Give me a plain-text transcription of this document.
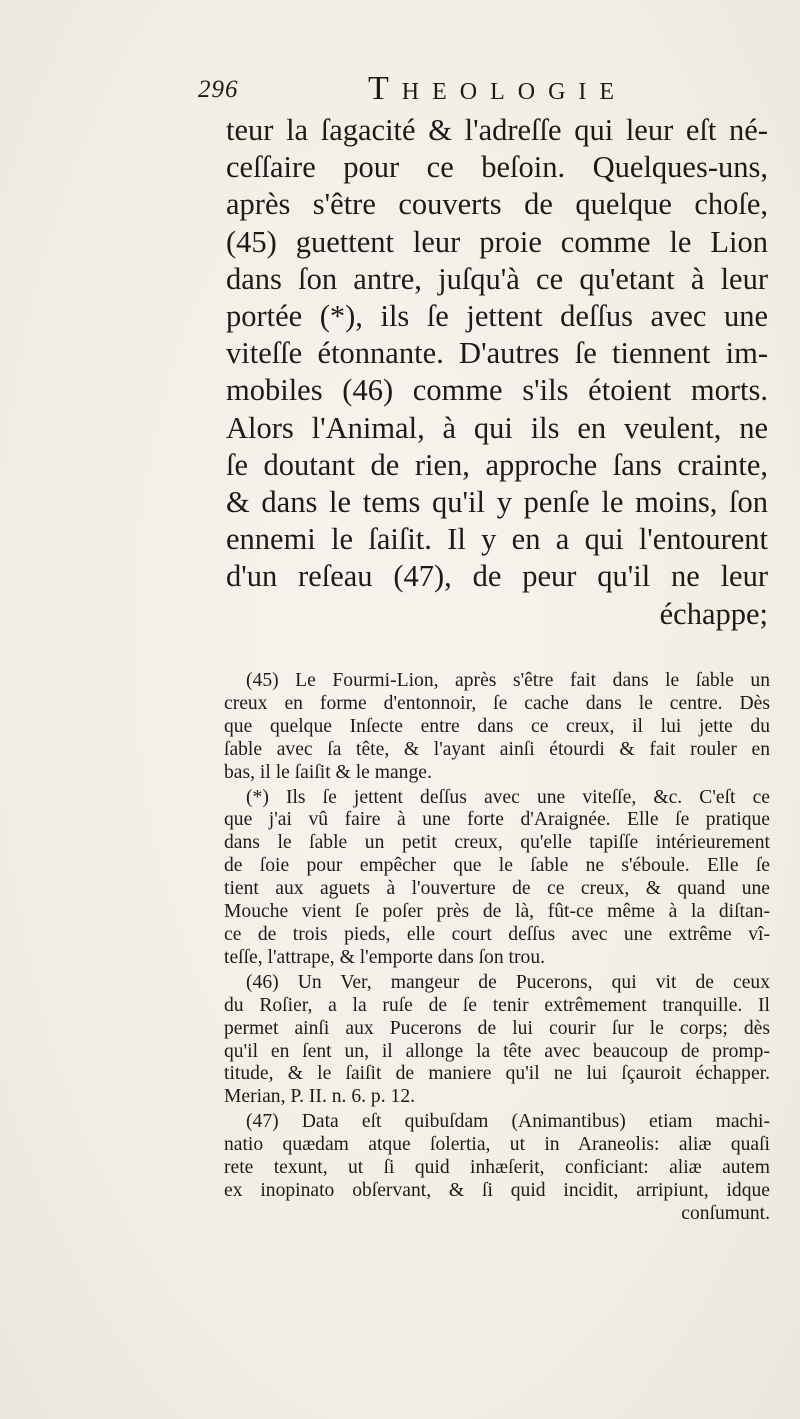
296	Theologie
teur la ſagacité & l'adreſſe qui leur eſt né-
ceſſaire pour ce beſoin. Quelques-uns,
après s'être couverts de quelque choſe,
(45) guettent leur proie comme le Lion
dans ſon antre, juſqu'à ce qu'etant à leur
portée (*), ils ſe jettent deſſus avec une
viteſſe étonnante. D'autres ſe tiennent im-
mobiles (46) comme s'ils étoient morts.
Alors l'Animal, à qui ils en veulent, ne
ſe doutant de rien, approche ſans crainte,
& dans le tems qu'il y penſe le moins, ſon
ennemi le ſaiſit. Il y en a qui l'entourent
d'un reſeau (47), de peur qu'il ne leur
échappe;
(45) Le Fourmi-Lion, après s'être fait dans le ſable un
creux en forme d'entonnoir, ſe cache dans le centre. Dès
que quelque Inſecte entre dans ce creux, il lui jette du
ſable avec ſa tête, & l'ayant ainſi étourdi & fait rouler en
bas, il le ſaiſit & le mange.
(*) Ils ſe jettent deſſus avec une viteſſe, &c. C'eſt ce
que j'ai vû faire à une forte d'Araignée. Elle ſe pratique
dans le ſable un petit creux, qu'elle tapiſſe intérieurement
de ſoie pour empêcher que le ſable ne s'éboule. Elle ſe
tient aux aguets à l'ouverture de ce creux, & quand une
Mouche vient ſe poſer près de là, fût-ce même à la diſtan-
ce de trois pieds, elle court deſſus avec une extrême vî-
teſſe, l'attrape, & l'emporte dans ſon trou.
(46) Un Ver, mangeur de Pucerons, qui vit de ceux
du Roſier, a la ruſe de ſe tenir extrêmement tranquille. Il
permet ainſi aux Pucerons de lui courir ſur le corps; dès
qu'il en ſent un, il allonge la tête avec beaucoup de promp-
titude, & le ſaiſit de maniere qu'il ne lui ſçauroit échapper.
Merian, P. II. n. 6. p. 12.
(47) Data eſt quibuſdam (Animantibus) etiam machi-
natio quædam atque ſolertia, ut in Araneolis: aliæ quaſi
rete texunt, ut ſi quid inhæſerit, conficiant: aliæ autem
ex inopinato obſervant, & ſi quid incidit, arripiunt, idque
conſumunt.
